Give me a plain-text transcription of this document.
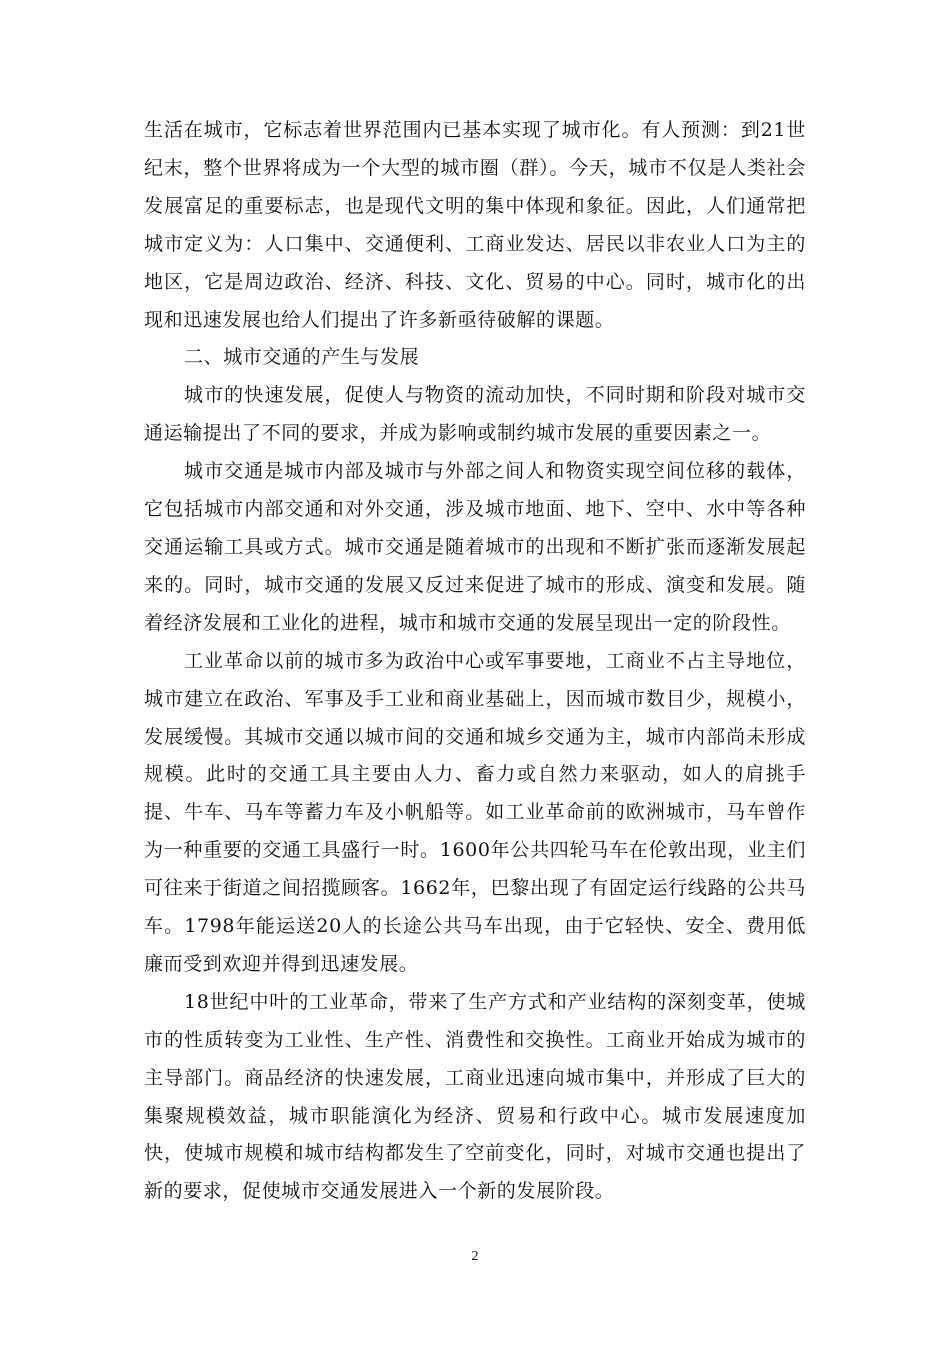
生活在城市，它标志着世界范围内已基本实现了城市化。有人预测：到21世纪末，整个世界将成为一个大型的城市圈（群）。今天，城市不仅是人类社会发展富足的重要标志，也是现代文明的集中体现和象征。因此，人们通常把城市定义为：人口集中、交通便利、工商业发达、居民以非农业人口为主的地区，它是周边政治、经济、科技、文化、贸易的中心。同时，城市化的出现和迅速发展也给人们提出了许多新亟待破解的课题。

二、城市交通的产生与发展

城市的快速发展，促使人与物资的流动加快，不同时期和阶段对城市交通运输提出了不同的要求，并成为影响或制约城市发展的重要因素之一。

城市交通是城市内部及城市与外部之间人和物资实现空间位移的载体，它包括城市内部交通和对外交通，涉及城市地面、地下、空中、水中等各种交通运输工具或方式。城市交通是随着城市的出现和不断扩张而逐渐发展起来的。同时，城市交通的发展又反过来促进了城市的形成、演变和发展。随着经济发展和工业化的进程，城市和城市交通的发展呈现出一定的阶段性。

工业革命以前的城市多为政治中心或军事要地，工商业不占主导地位，城市建立在政治、军事及手工业和商业基础上，因而城市数目少，规模小，发展缓慢。其城市交通以城市间的交通和城乡交通为主，城市内部尚未形成规模。此时的交通工具主要由人力、畜力或自然力来驱动，如人的肩挑手提、牛车、马车等蓄力车及小帆船等。如工业革命前的欧洲城市，马车曾作为一种重要的交通工具盛行一时。1600年公共四轮马车在伦敦出现，业主们可往来于街道之间招揽顾客。1662年，巴黎出现了有固定运行线路的公共马车。1798年能运送20人的长途公共马车出现，由于它轻快、安全、费用低廉而受到欢迎并得到迅速发展。

18世纪中叶的工业革命，带来了生产方式和产业结构的深刻变革，使城市的性质转变为工业性、生产性、消费性和交换性。工商业开始成为城市的主导部门。商品经济的快速发展，工商业迅速向城市集中，并形成了巨大的集聚规模效益，城市职能演化为经济、贸易和行政中心。城市发展速度加快，使城市规模和城市结构都发生了空前变化，同时，对城市交通也提出了新的要求，促使城市交通发展进入一个新的发展阶段。

2
